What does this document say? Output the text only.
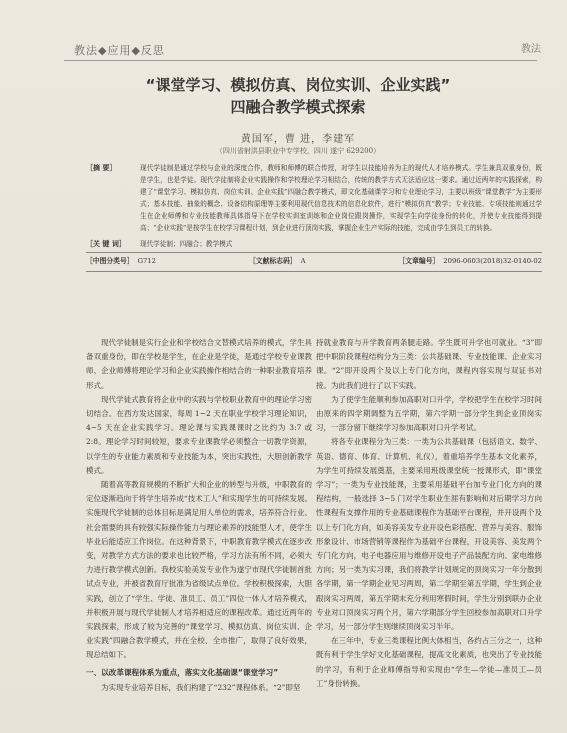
教法◆应用◆反思	教法
“课堂学习、模拟仿真、岗位实训、企业实践”
四融合教学模式探索
黄国军，曹 进，李建军
（四川省射洪县职业中专学校，四川 遂宁 629200）
［摘 要］	现代学徒制是通过学校与企业的深度合作，教师和师傅的联合传授，对学生以技能培养为主的现代人才培养模式。学生兼具双重身份，既是学生，也是学徒。现代学徒制将企业实践操作和学校理论学习相结合，传统的教学方式无法适应这一要求。通过近两年的实践探索，构建了“课堂学习、模拟仿真、岗位实训、企业实践”四融合教学模式，即文化基础课学习和专业理论学习，主要以班级“课堂教学”为主要形式；基本技能、抽象的概念、设备结构原理等主要利用现代信息技术的信息化软件，进行“模拟仿真”教学；专业技能、专项技能则通过学生在企业师傅和专业技能教师具体指导下在学校实训室训练和企业岗位跟岗操作，实现学生向学徒身份的转化，并使专业技能得到提高；“企业实践”是按学生在校学习课程计划，到企业进行顶岗实践，掌握企业生产实际的技能，完成由学生到员工的转换。
［关 键 词］	现代学徒制；四融合；教学模式
［中图分类号］ G712	［文献标志码］ A	［文章编号］ 2096-0603(2018)32-0140-02

现代学徒制是实行企业和学校结合文替模式培养的模式，学生具备双重身份，即在学校是学生，在企业是学徒，是通过学校专业课教师、企业师傅将理论学习和企业实践操作相结合的一种职业教育培养形式。

现代学徒式教育将企业中的实践与学校职业教育中的理论学习密切结合。在西方发达国家，每周 1~2 天在职业学校学习理论知识，4~5 天在企业实践学习。理论课与实践课课时之比约为 3:7 或 2:8。理论学习时间较短，要求专业课教学必须整合一切教学资源，以学生的专业能力素质和专业技能为本，突出实践性，大胆创新教学模式。

随着高等教育规模的不断扩大和企业的转型与升级，中职教育的定位逐渐趋向于将学生培养成“技术工人”和实现学生的可持续发展。实施现代学徒制的总体目标是满足用人单位的需求，培养符合行业、社会需要的具有较强实际操作能力与理论素养的技能型人才，使学生毕业后能适应工作岗位。在这种背景下，中职教育教学模式在逐步改变，对教学方式方法的要求也比较严格，学习方法有所不同，必须大力进行教学模式创新。我校实验美发专业作为遂宁市现代学徒制首批试点专业，并被省教育厅批准为省级试点单位。学校积极探索，大胆实践，创立了“学生、学徒、准员工、员工”四位一体人才培养模式，并积极开展与现代学徒制人才培养相适应的课程改革。通过近两年的实践探索，形成了较为完善的“课堂学习、模拟仿真、岗位实训、企业实践”四融合教学模式，并在全校、全市推广，取得了良好效果，现总结如下。

一、以改革课程体系为重点，落实文化基础课“课堂学习”

为实现专业培养目标，我们构建了“232”课程体系。“2”即坚

持就业教育与升学教育两条腿走路。学生既可升学也可就业。“3”即把中职阶段课程结构分为三类：公共基础课、专业技能课、企业实习课。“2”即开设两个及以上专门化方向，课程内容实现与双证书对接。为此我们进行了以下实践。

为了使学生能顺利参加高职对口升学，学校把学生在校学习时间由原来的四学期调整为五学期，第六学期一部分学生到企业顶岗实习，一部分留下继续学习参加高职对口升学考试。

将各专业课程分为三类：一类为公共基础课（包括语文、数学、英语、德育、体育、计算机、礼仪），着重培养学生基本文化素养，为学生可持续发展奠基，主要采用班级课堂统一授课形式，即“课堂学习”；一类为专业技能课，主要采用基础平台加专业门化方向的课程结构，一般选择 3~5 门对学生职业生涯有影响和对后期学习方向性课程有支撑作用的专业基础课程作为基础平台课程，并开设两个及以上专门化方向，如美容美发专业开设色彩搭配、营养与美容、服饰形象设计、市场营销等课程作为基础平台课程，开设美容、美发两个专门化方向，电子电器应用与维修开设电子产品装配方向、家电维修方向；另一类为实习课，我们将教学计划规定的顶岗实习一年分散到各学期，第一学期企业见习两周，第二学期至第五学期，学生到企业跟岗实习两周，第五学期末充分利用寒假时间，学生分别到联办企业专业对口顶岗实习两个月，第六学期部分学生回校参加高职对口升学学习，另一部分学生则继续顶岗实习半年。

在三年中，专业三类课程比例大体相当，各约占三分之一，这种既有利于学生学好文化基础课程，提高文化素质，也突出了专业技能的学习，有利于企业师傅指导和实现由“学生—学徒—准员工—员工”身份转换。
